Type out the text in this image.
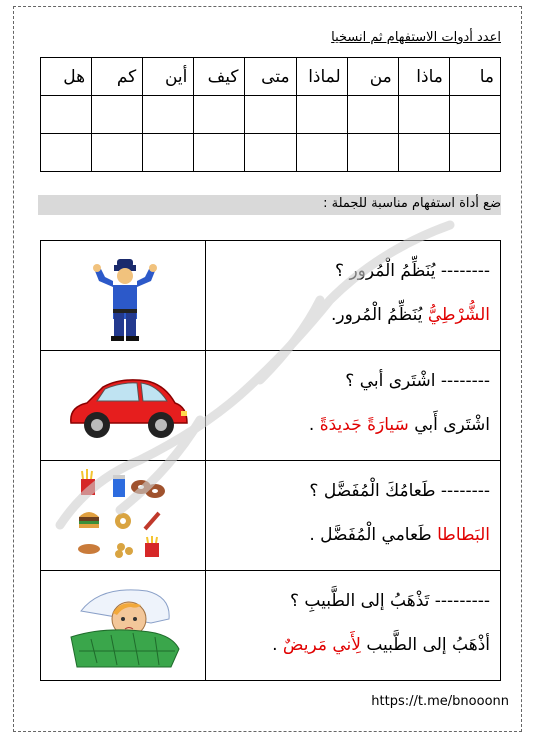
اعدد أدوات الاستفهام ثم انسخيا
ما	ماذا	من	لماذا	متى	كيف	أين	كم	هل

ضع أداة استفهام مناسبة للجملة :

-------- يُنَظِّمُ الْمُرور ؟
الشُّرْطِيُّ يُنَظِّمُ الْمُرور.

-------- اشْتَرى أبي ؟
اشْتَرى أَبي سَيارَةً جَديدَةً .

-------- طَعامُكَ الْمُفَضَّل ؟
البَطاطا طَعامي الْمُفَضَّل .

--------- تَذْهَبُ إلى الطَّبيبِ ؟
أذْهَبُ إلى الطَّبيب لِأَني مَريضٌ .
https://t.me/bnooonn
